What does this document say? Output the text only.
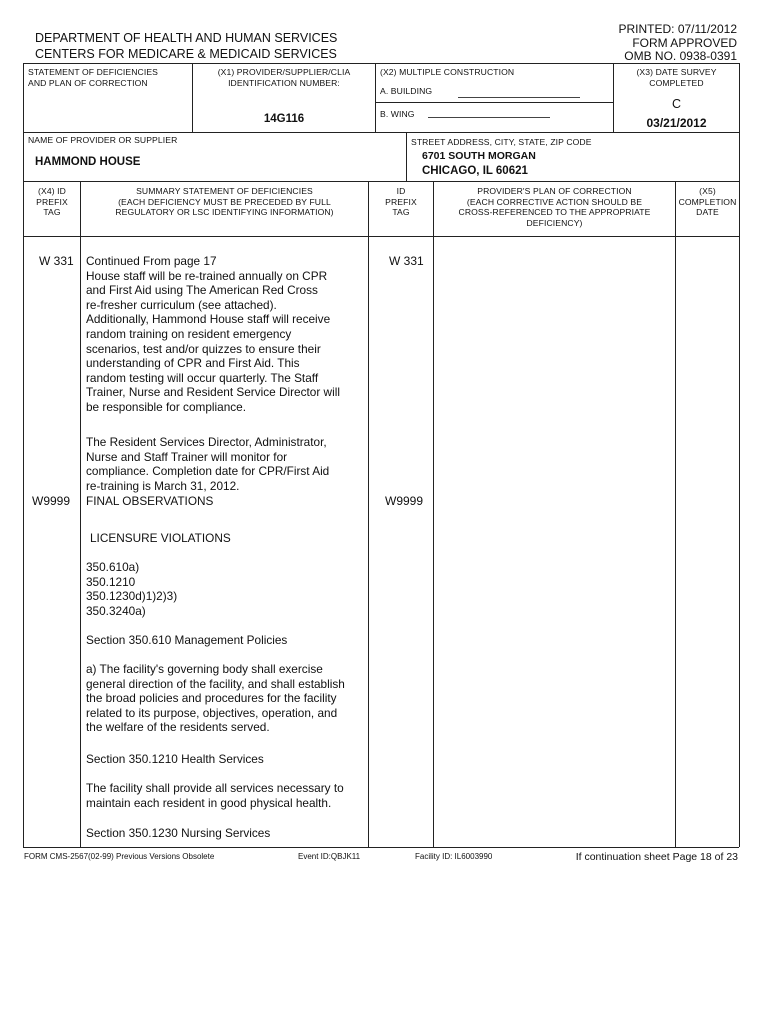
DEPARTMENT OF HEALTH AND HUMAN SERVICES
CENTERS FOR MEDICARE & MEDICAID SERVICES
PRINTED: 07/11/2012
FORM APPROVED
OMB NO. 0938-0391
STATEMENT OF DEFICIENCIES
AND PLAN OF CORRECTION
(X1) PROVIDER/SUPPLIER/CLIA
IDENTIFICATION NUMBER:
14G116
(X2) MULTIPLE CONSTRUCTION
A. BUILDING
B. WING
(X3) DATE SURVEY
COMPLETED
C
03/21/2012
NAME OF PROVIDER OR SUPPLIER
HAMMOND HOUSE
STREET ADDRESS, CITY, STATE, ZIP CODE
6701 SOUTH MORGAN
CHICAGO, IL 60621
(X4) ID
PREFIX
TAG
SUMMARY STATEMENT OF DEFICIENCIES
(EACH DEFICIENCY MUST BE PRECEDED BY FULL
REGULATORY OR LSC IDENTIFYING INFORMATION)
ID
PREFIX
TAG
PROVIDER'S PLAN OF CORRECTION
(EACH CORRECTIVE ACTION SHOULD BE
CROSS-REFERENCED TO THE APPROPRIATE
DEFICIENCY)
(X5)
COMPLETION
DATE
W 331	W 331
Continued From page 17
House staff will be re-trained annually on CPR
and First Aid using The American Red Cross
re-fresher curriculum (see attached).
Additionally, Hammond House staff will receive
random training on resident emergency
scenarios, test and/or quizzes to ensure their
understanding of CPR and First Aid. This
random testing will occur quarterly. The Staff
Trainer, Nurse and Resident Service Director will
be responsible for compliance.
The Resident Services Director, Administrator,
Nurse and Staff Trainer will monitor for
compliance. Completion date for CPR/First Aid
re-training is March 31, 2012.
W9999	W9999
FINAL OBSERVATIONS
LICENSURE VIOLATIONS
350.610a)
350.1210
350.1230d)1)2)3)
350.3240a)
Section 350.610 Management Policies
a) The facility's governing body shall exercise
general direction of the facility, and shall establish
the broad policies and procedures for the facility
related to its purpose, objectives, operation, and
the welfare of the residents served.
Section 350.1210 Health Services
The facility shall provide all services necessary to
maintain each resident in good physical health.
Section 350.1230 Nursing Services
FORM CMS-2567(02-99) Previous Versions Obsolete	Event ID:QBJK11	Facility ID: IL6003990	If continuation sheet Page 18 of 23
